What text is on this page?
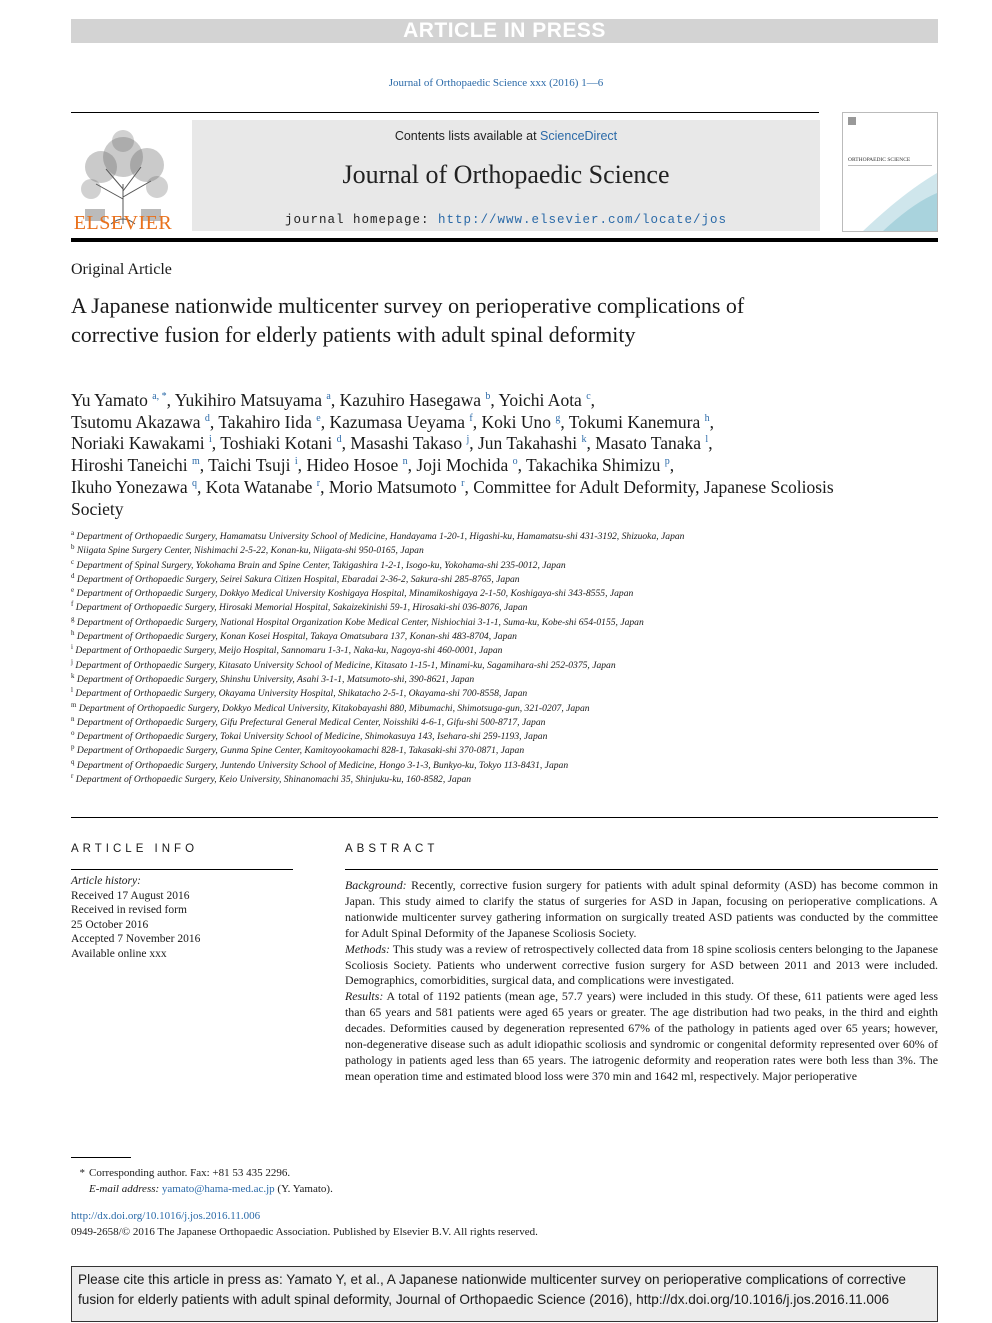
ARTICLE IN PRESS
Journal of Orthopaedic Science xxx (2016) 1—6
ELSEVIER
Contents lists available at ScienceDirect
Journal of Orthopaedic Science
journal homepage: http://www.elsevier.com/locate/jos
ORTHOPAEDIC SCIENCE
Original Article
A Japanese nationwide multicenter survey on perioperative complications of corrective fusion for elderly patients with adult spinal deformity
Yu Yamato $^{a, *}$, Yukihiro Matsuyama $^a$, Kazuhiro Hasegawa $^b$, Yoichi Aota $^c$,
Tsutomu Akazawa $^d$, Takahiro Iida $^e$, Kazumasa Ueyama $^f$, Koki Uno $^g$, Tokumi Kanemura $^h$,
Noriaki Kawakami $^i$, Toshiaki Kotani $^d$, Masashi Takaso $^j$, Jun Takahashi $^k$, Masato Tanaka $^l$,
Hiroshi Taneichi $^m$, Taichi Tsuji $^i$, Hideo Hosoe $^n$, Joji Mochida $^o$, Takachika Shimizu $^p$,
Ikuho Yonezawa $^q$, Kota Watanabe $^r$, Morio Matsumoto $^r$, Committee for Adult Deformity, Japanese Scoliosis Society
$^a$ Department of Orthopaedic Surgery, Hamamatsu University School of Medicine, Handayama 1-20-1, Higashi-ku, Hamamatsu-shi 431-3192, Shizuoka, Japan
$^b$ Niigata Spine Surgery Center, Nishimachi 2-5-22, Konan-ku, Niigata-shi 950-0165, Japan
$^c$ Department of Spinal Surgery, Yokohama Brain and Spine Center, Takigashira 1-2-1, Isogo-ku, Yokohama-shi 235-0012, Japan
$^d$ Department of Orthopaedic Surgery, Seirei Sakura Citizen Hospital, Ebaradai 2-36-2, Sakura-shi 285-8765, Japan
$^e$ Department of Orthopaedic Surgery, Dokkyo Medical University Koshigaya Hospital, Minamikoshigaya 2-1-50, Koshigaya-shi 343-8555, Japan
$^f$ Department of Orthopaedic Surgery, Hirosaki Memorial Hospital, Sakaizekinishi 59-1, Hirosaki-shi 036-8076, Japan
$^g$ Department of Orthopaedic Surgery, National Hospital Organization Kobe Medical Center, Nishiochiai 3-1-1, Suma-ku, Kobe-shi 654-0155, Japan
$^h$ Department of Orthopaedic Surgery, Konan Kosei Hospital, Takaya Omatsubara 137, Konan-shi 483-8704, Japan
$^i$ Department of Orthopaedic Surgery, Meijo Hospital, Sannomaru 1-3-1, Naka-ku, Nagoya-shi 460-0001, Japan
$^j$ Department of Orthopaedic Surgery, Kitasato University School of Medicine, Kitasato 1-15-1, Minami-ku, Sagamihara-shi 252-0375, Japan
$^k$ Department of Orthopaedic Surgery, Shinshu University, Asahi 3-1-1, Matsumoto-shi, 390-8621, Japan
$^l$ Department of Orthopaedic Surgery, Okayama University Hospital, Shikatacho 2-5-1, Okayama-shi 700-8558, Japan
$^m$ Department of Orthopaedic Surgery, Dokkyo Medical University, Kitakobayashi 880, Mibumachi, Shimotsuga-gun, 321-0207, Japan
$^n$ Department of Orthopaedic Surgery, Gifu Prefectural General Medical Center, Noisshiki 4-6-1, Gifu-shi 500-8717, Japan
$^o$ Department of Orthopaedic Surgery, Tokai University School of Medicine, Shimokasuya 143, Isehara-shi 259-1193, Japan
$^p$ Department of Orthopaedic Surgery, Gunma Spine Center, Kamitoyookamachi 828-1, Takasaki-shi 370-0871, Japan
$^q$ Department of Orthopaedic Surgery, Juntendo University School of Medicine, Hongo 3-1-3, Bunkyo-ku, Tokyo 113-8431, Japan
$^r$ Department of Orthopaedic Surgery, Keio University, Shinanomachi 35, Shinjuku-ku, 160-8582, Japan
ARTICLE INFO	ABSTRACT
Article history:
Received 17 August 2016
Received in revised form
25 October 2016
Accepted 7 November 2016
Available online xxx

Background: Recently, corrective fusion surgery for patients with adult spinal deformity (ASD) has become common in Japan. This study aimed to clarify the status of surgeries for ASD in Japan, focusing on perioperative complications. A nationwide multicenter survey gathering information on surgically treated ASD patients was conducted by the committee for Adult Spinal Deformity of the Japanese Scoliosis Society.

Methods: This study was a review of retrospectively collected data from 18 spine scoliosis centers belonging to the Japanese Scoliosis Society. Patients who underwent corrective fusion surgery for ASD between 2011 and 2013 were included. Demographics, comorbidities, surgical data, and complications were investigated.

Results: A total of 1192 patients (mean age, 57.7 years) were included in this study. Of these, 611 patients were aged less than 65 years and 581 patients were aged 65 years or greater. The age distribution had two peaks, in the third and eighth decades. Deformities caused by degeneration represented 67% of the pathology in patients aged over 65 years; however, non-degenerative disease such as adult idiopathic scoliosis and syndromic or congenital deformity represented over 60% of pathology in patients aged less than 65 years. The iatrogenic deformity and reoperation rates were both less than 3%. The mean operation time and estimated blood loss were 370 min and 1642 ml, respectively. Major perioperative

* Corresponding author. Fax: +81 53 435 2296.
E-mail address: yamato@hama-med.ac.jp (Y. Yamato).
http://dx.doi.org/10.1016/j.jos.2016.11.006
0949-2658/© 2016 The Japanese Orthopaedic Association. Published by Elsevier B.V. All rights reserved.
Please cite this article in press as: Yamato Y, et al., A Japanese nationwide multicenter survey on perioperative complications of corrective fusion for elderly patients with adult spinal deformity, Journal of Orthopaedic Science (2016), http://dx.doi.org/10.1016/j.jos.2016.11.006
